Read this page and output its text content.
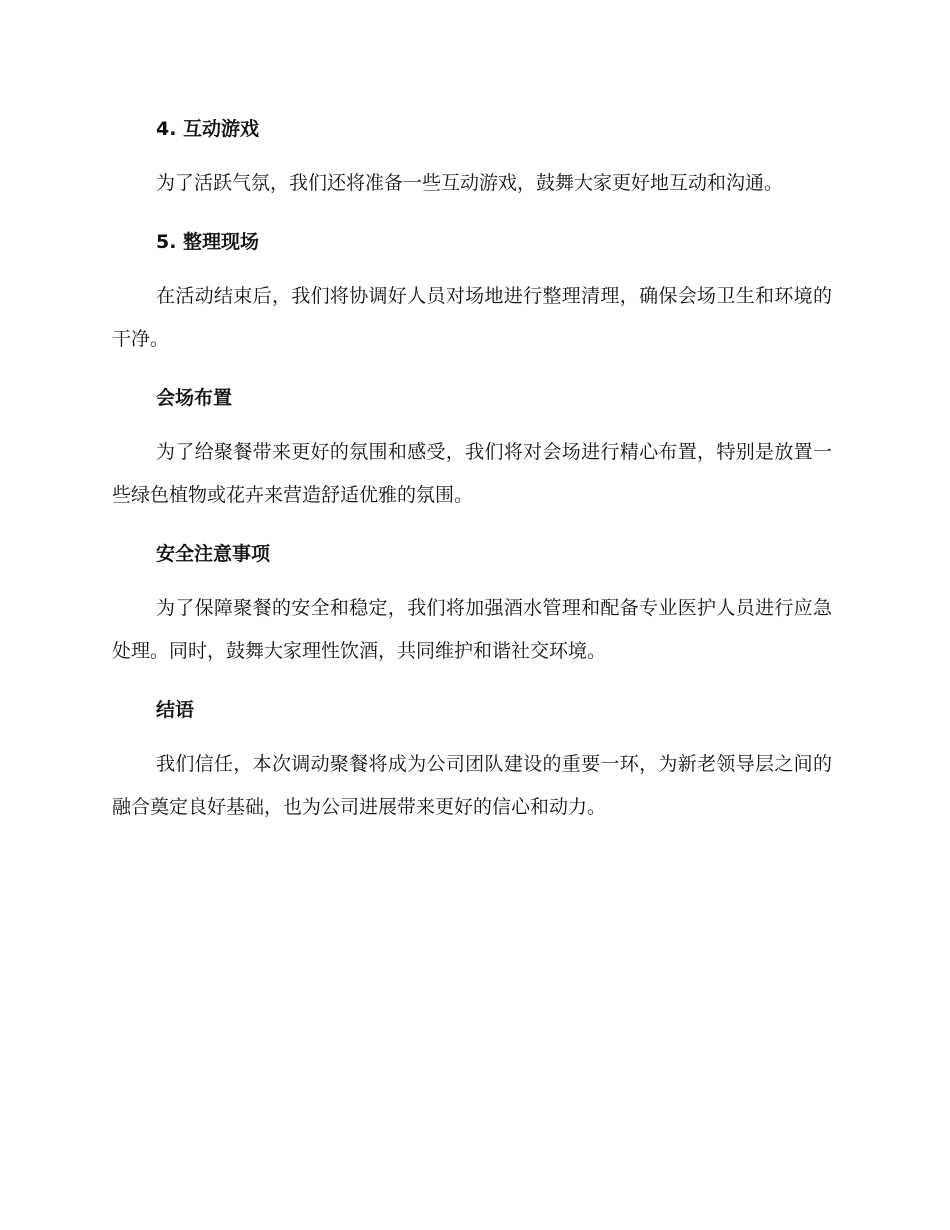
4. 互动游戏

为了活跃气氛，我们还将准备一些互动游戏，鼓舞大家更好地互动和沟通。

5. 整理现场

在活动结束后，我们将协调好人员对场地进行整理清理，确保会场卫生和环境的干净。

会场布置

为了给聚餐带来更好的氛围和感受，我们将对会场进行精心布置，特别是放置一些绿色植物或花卉来营造舒适优雅的氛围。

安全注意事项

为了保障聚餐的安全和稳定，我们将加强酒水管理和配备专业医护人员进行应急处理。同时，鼓舞大家理性饮酒，共同维护和谐社交环境。

结语

我们信任，本次调动聚餐将成为公司团队建设的重要一环，为新老领导层之间的融合奠定良好基础，也为公司进展带来更好的信心和动力。
